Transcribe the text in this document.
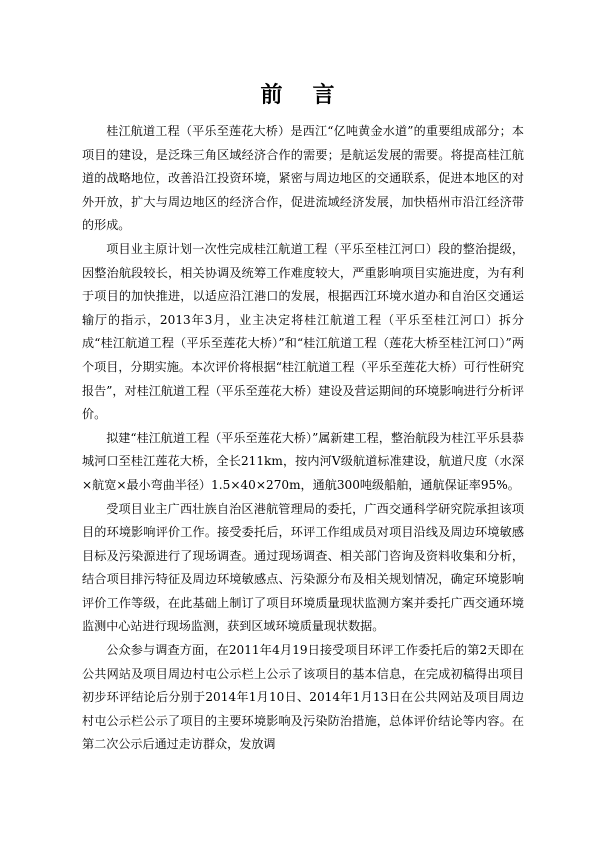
前言

桂江航道工程（平乐至莲花大桥）是西江“亿吨黄金水道”的重要组成部分；本项目的建设，是泛珠三角区域经济合作的需要；是航运发展的需要。将提高桂江航道的战略地位，改善沿江投资环境，紧密与周边地区的交通联系，促进本地区的对外开放，扩大与周边地区的经济合作，促进流域经济发展，加快梧州市沿江经济带的形成。

项目业主原计划一次性完成桂江航道工程（平乐至桂江河口）段的整治提级，因整治航段较长，相关协调及统筹工作难度较大，严重影响项目实施进度，为有利于项目的加快推进，以适应沿江港口的发展，根据西江环境水道办和自治区交通运输厅的指示，2013年3月，业主决定将桂江航道工程（平乐至桂江河口）拆分成“桂江航道工程（平乐至莲花大桥）”和“桂江航道工程（莲花大桥至桂江河口）”两个项目，分期实施。本次评价将根据“桂江航道工程（平乐至莲花大桥）可行性研究报告”，对桂江航道工程（平乐至莲花大桥）建设及营运期间的环境影响进行分析评价。

拟建“桂江航道工程（平乐至莲花大桥）”属新建工程，整治航段为桂江平乐县恭城河口至桂江莲花大桥，全长211km，按内河Ⅴ级航道标准建设，航道尺度（水深×航宽×最小弯曲半径）1.5×40×270m，通航300吨级船舶，通航保证率95%。

受项目业主广西壮族自治区港航管理局的委托，广西交通科学研究院承担该项目的环境影响评价工作。接受委托后，环评工作组成员对项目沿线及周边环境敏感目标及污染源进行了现场调查。通过现场调查、相关部门咨询及资料收集和分析，结合项目排污特征及周边环境敏感点、污染源分布及相关规划情况，确定环境影响评价工作等级，在此基础上制订了项目环境质量现状监测方案并委托广西交通环境监测中心站进行现场监测，获到区域环境质量现状数据。

公众参与调查方面，在2011年4月19日接受项目环评工作委托后的第2天即在公共网站及项目周边村屯公示栏上公示了该项目的基本信息，在完成初稿得出项目初步环评结论后分别于2014年1月10日、2014年1月13日在公共网站及项目周边村屯公示栏公示了项目的主要环境影响及污染防治措施，总体评价结论等内容。在第二次公示后通过走访群众，发放调
